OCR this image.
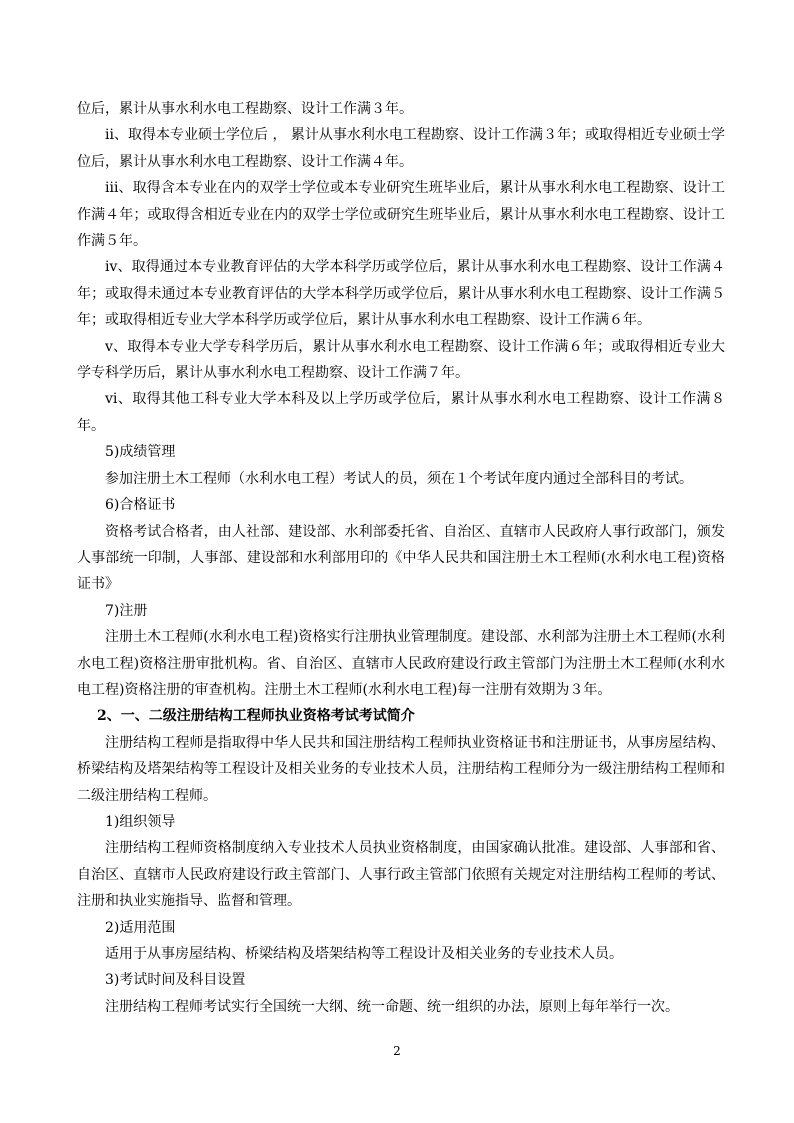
位后，累计从事水利水电工程勘察、设计工作满３年。

ⅱ、取得本专业硕士学位后 ， 累计从事水利水电工程勘察、设计工作满３年；或取得相近专业硕士学位后，累计从事水利水电工程勘察、设计工作满４年。

ⅲ、取得含本专业在内的双学士学位或本专业研究生班毕业后，累计从事水利水电工程勘察、设计工作满４年；或取得含相近专业在内的双学士学位或研究生班毕业后，累计从事水利水电工程勘察、设计工作满５年。

ⅳ、取得通过本专业教育评估的大学本科学历或学位后，累计从事水利水电工程勘察、设计工作满４年；或取得未通过本专业教育评估的大学本科学历或学位后，累计从事水利水电工程勘察、设计工作满５年；或取得相近专业大学本科学历或学位后，累计从事水利水电工程勘察、设计工作满６年。

ⅴ、取得本专业大学专科学历后，累计从事水利水电工程勘察、设计工作满６年；或取得相近专业大学专科学历后，累计从事水利水电工程勘察、设计工作满７年。

ⅵ、取得其他工科专业大学本科及以上学历或学位后，累计从事水利水电工程勘察、设计工作满８年。

5)成绩管理

参加注册土木工程师（水利水电工程）考试人的员，须在１个考试年度内通过全部科目的考试。

6)合格证书

资格考试合格者，由人社部、建设部、水利部委托省、自治区、直辖市人民政府人事行政部门，颁发人事部统一印制，人事部、建设部和水利部用印的《中华人民共和国注册土木工程师(水利水电工程)资格证书》

7)注册

注册土木工程师(水利水电工程)资格实行注册执业管理制度。建设部、水利部为注册土木工程师(水利水电工程)资格注册审批机构。省、自治区、直辖市人民政府建设行政主管部门为注册土木工程师(水利水电工程)资格注册的审查机构。注册土木工程师(水利水电工程)每一注册有效期为３年。

2、一、二级注册结构工程师执业资格考试考试简介

注册结构工程师是指取得中华人民共和国注册结构工程师执业资格证书和注册证书，从事房屋结构、桥梁结构及塔架结构等工程设计及相关业务的专业技术人员，注册结构工程师分为一级注册结构工程师和二级注册结构工程师。

1)组织领导

注册结构工程师资格制度纳入专业技术人员执业资格制度，由国家确认批准。建设部、人事部和省、自治区、直辖市人民政府建设行政主管部门、人事行政主管部门依照有关规定对注册结构工程师的考试、注册和执业实施指导、监督和管理。

2)适用范围

适用于从事房屋结构、桥梁结构及塔架结构等工程设计及相关业务的专业技术人员。

3)考试时间及科目设置

注册结构工程师考试实行全国统一大纲、统一命题、统一组织的办法，原则上每年举行一次。

2
